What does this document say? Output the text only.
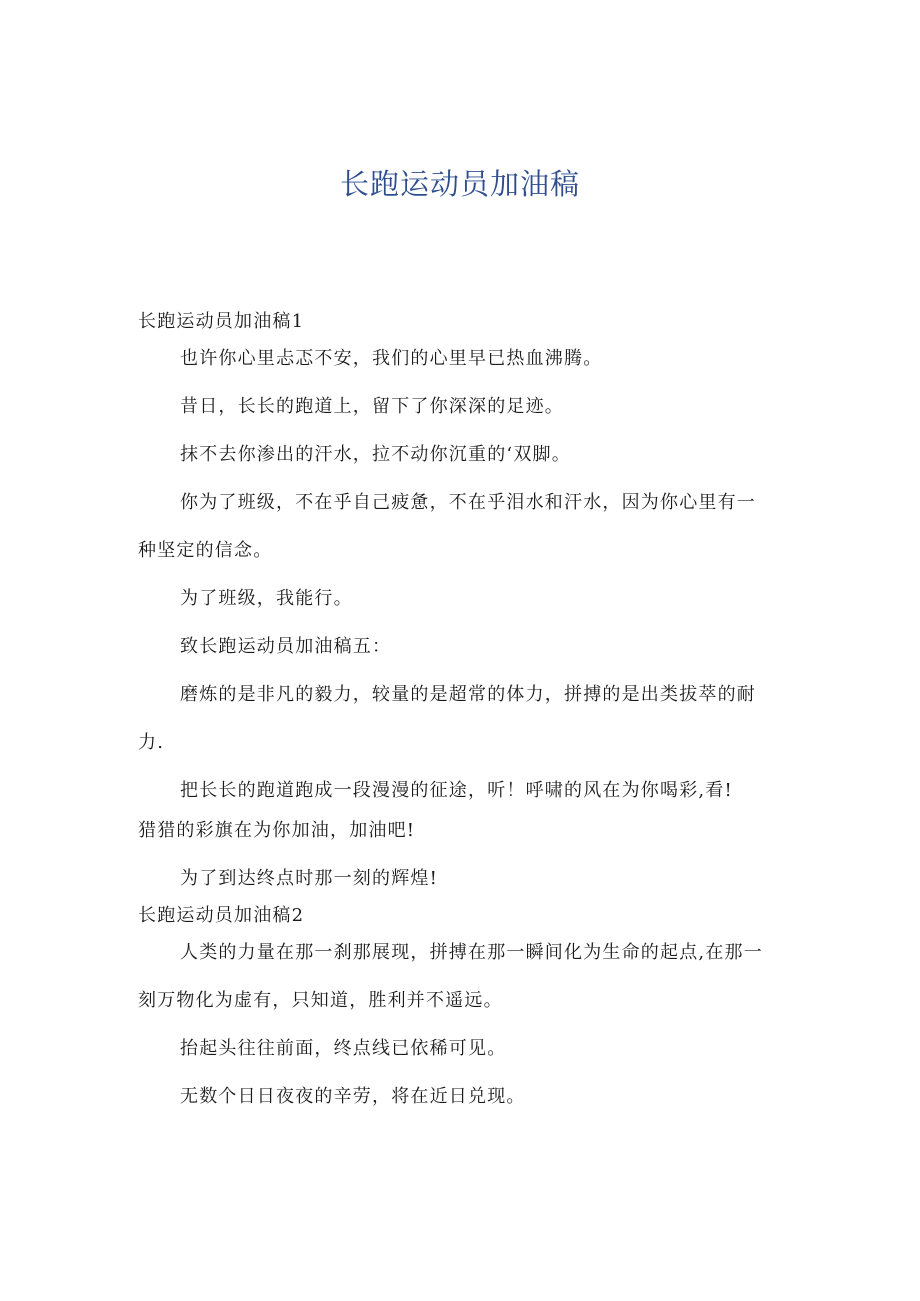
长跑运动员加油稿

长跑运动员加油稿1

也许你心里忐忑不安，我们的心里早已热血沸腾。

昔日，长长的跑道上，留下了你深深的足迹。

抹不去你渗出的汗水，拉不动你沉重的‘双脚。

你为了班级，不在乎自己疲惫，不在乎泪水和汗水，因为你心里有一

种坚定的信念。

为了班级，我能行。

致长跑运动员加油稿五：

磨炼的是非凡的毅力，较量的是超常的体力，拼搏的是出类拔萃的耐

力.

把长长的跑道跑成一段漫漫的征途，听！呼啸的风在为你喝彩,看!

猎猎的彩旗在为你加油，加油吧!

为了到达终点时那一刻的辉煌!

长跑运动员加油稿2

人类的力量在那一刹那展现，拼搏在那一瞬间化为生命的起点,在那一

刻万物化为虚有，只知道，胜利并不遥远。

抬起头往往前面，终点线已依稀可见。

无数个日日夜夜的辛劳，将在近日兑现。
